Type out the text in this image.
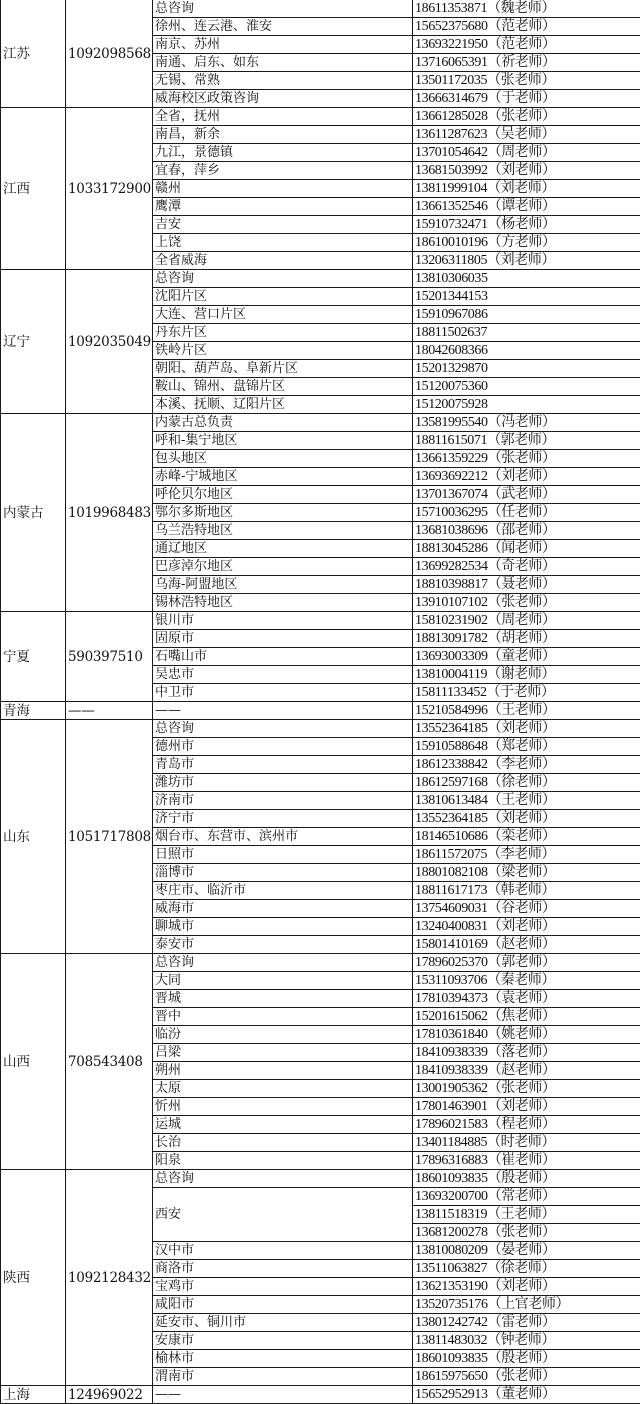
江苏	1092098568	总咨询	18611353871（魏老师）
		徐州、连云港、淮安	15652375680（范老师）
		南京、苏州	13693221950（范老师）
		南通、启东、如东	13716065391（祈老师）
		无锡、常熟	13501172035（张老师）
		威海校区政策咨询	13666314679（于老师）
江西	1033172900	全省，抚州	13661285028（张老师）
		南昌，新余	13611287623（吴老师）
		九江，景德镇	13701054642（周老师）
		宜春，萍乡	13681503992（刘老师）
		赣州	13811999104（刘老师）
		鹰潭	13661352546（谭老师）
		吉安	15910732471（杨老师）
		上饶	18610010196（方老师）
		全省威海	13206311805（刘老师）
辽宁	1092035049	总咨询	13810306035
		沈阳片区	15201344153
		大连、营口片区	15910967086
		丹东片区	18811502637
		铁岭片区	18042608366
		朝阳、葫芦岛、阜新片区	15201329870
		鞍山、锦州、盘锦片区	15120075360
		本溪、抚顺、辽阳片区	15120075928
内蒙古	1019968483	内蒙古总负责	13581995540（冯老师）
		呼和-集宁地区	18811615071（郭老师）
		包头地区	13661359229（张老师）
		赤峰-宁城地区	13693692212（刘老师）
		呼伦贝尔地区	13701367074（武老师）
		鄂尔多斯地区	15710036295（任老师）
		乌兰浩特地区	13681038696（邵老师）
		通辽地区	18813045286（闻老师）
		巴彦淖尔地区	13699282534（奇老师）
		乌海-阿盟地区	18810398817（聂老师）
		锡林浩特地区	13910107102（张老师）
宁夏	590397510	银川市	15810231902（周老师）
		固原市	18813091782（胡老师）
		石嘴山市	13693003309（童老师）
		吴忠市	13810004119（谢老师）
		中卫市	15811133452（于老师）
青海	——	——	15210584996（王老师）
山东	1051717808	总咨询	13552364185（刘老师）
		德州市	15910588648（郑老师）
		青岛市	18612338842（李老师）
		潍坊市	18612597168（徐老师）
		济南市	13810613484（王老师）
		济宁市	13552364185（刘老师）
		烟台市、东营市、滨州市	18146510686（栾老师）
		日照市	18611572075（李老师）
		淄博市	18801082108（梁老师）
		枣庄市、临沂市	18811617173（韩老师）
		威海市	13754609031（谷老师）
		聊城市	13240400831（刘老师）
		泰安市	15801410169（赵老师）
山西	708543408	总咨询	17896025370（郭老师）
		大同	15311093706（秦老师）
		晋城	17810394373（袁老师）
		晋中	15201615062（焦老师）
		临汾	17810361840（姚老师）
		吕梁	18410938339（落老师）
		朔州	18410938339（赵老师）
		太原	13001905362（张老师）
		忻州	17801463901（刘老师）
		运城	17896021583（程老师）
		长治	13401184885（时老师）
		阳泉	17896316883（崔老师）
陕西	1092128432	总咨询	18601093835（殷老师）
		西安	13693200700（常老师）
			13811518319（王老师）
			13681200278（张老师）
		汉中市	13810080209（晏老师）
		商洛市	13511063827（徐老师）
		宝鸡市	13621353190（刘老师）
		咸阳市	13520735176（上官老师）
		延安市、铜川市	13801242742（雷老师）
		安康市	13811483032（钟老师）
		榆林市	18601093835（殷老师）
		渭南市	18615975650（张老师）
上海	124969022	——	15652952913（董老师）
